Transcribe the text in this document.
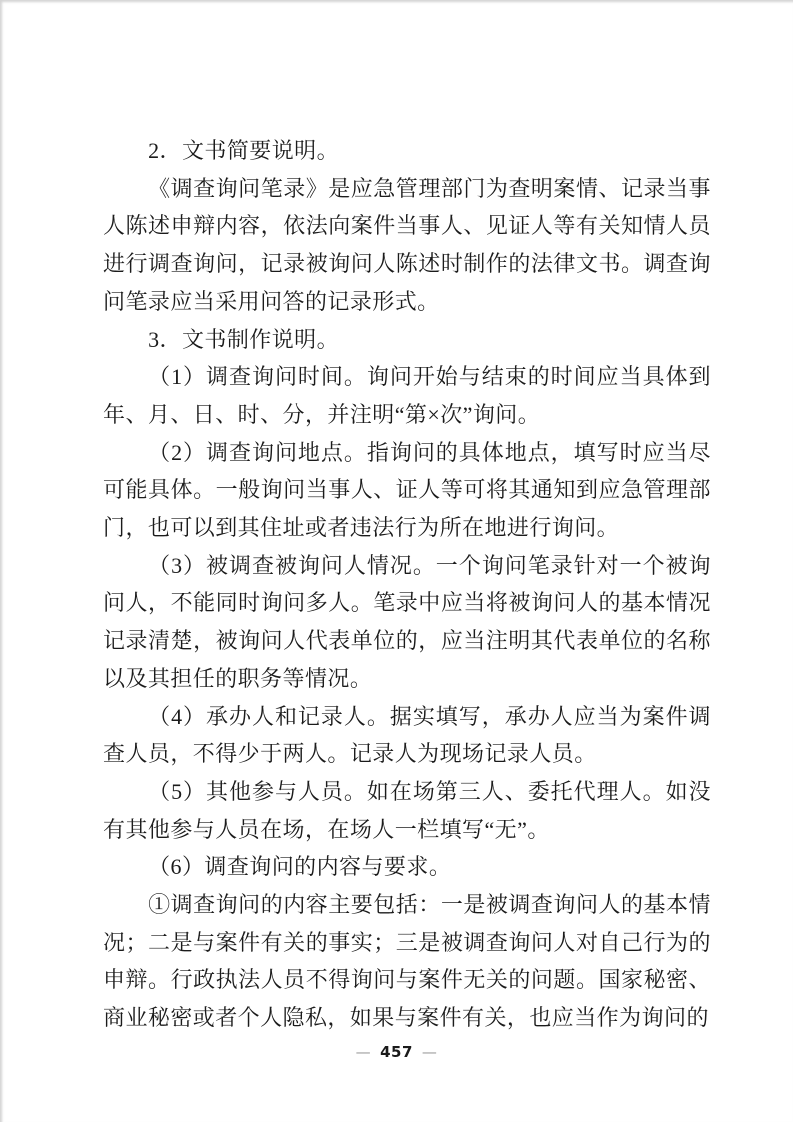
2．文书简要说明。

《调查询问笔录》是应急管理部门为查明案情、记录当事人陈述申辩内容，依法向案件当事人、见证人等有关知情人员进行调查询问，记录被询问人陈述时制作的法律文书。调查询问笔录应当采用问答的记录形式。

3．文书制作说明。

（1）调查询问时间。询问开始与结束的时间应当具体到年、月、日、时、分，并注明“第×次”询问。

（2）调查询问地点。指询问的具体地点，填写时应当尽可能具体。一般询问当事人、证人等可将其通知到应急管理部门，也可以到其住址或者违法行为所在地进行询问。

（3）被调查被询问人情况。一个询问笔录针对一个被询问人，不能同时询问多人。笔录中应当将被询问人的基本情况记录清楚，被询问人代表单位的，应当注明其代表单位的名称以及其担任的职务等情况。

（4）承办人和记录人。据实填写，承办人应当为案件调查人员，不得少于两人。记录人为现场记录人员。

（5）其他参与人员。如在场第三人、委托代理人。如没有其他参与人员在场，在场人一栏填写“无”。

（6）调查询问的内容与要求。

①调查询问的内容主要包括：一是被调查询问人的基本情况；二是与案件有关的事实；三是被调查询问人对自己行为的申辩。行政执法人员不得询问与案件无关的问题。国家秘密、商业秘密或者个人隐私，如果与案件有关，也应当作为询问的

— 457 —
